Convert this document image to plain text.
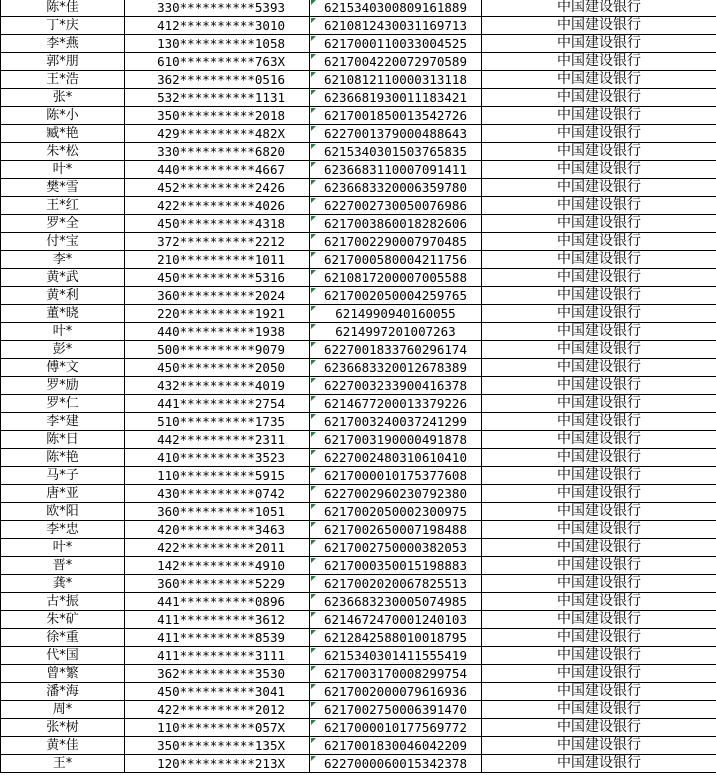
陈*佳	330**********5393	6215340300809161889	中国建设银行
丁*庆	412**********3010	6210812430031169713	中国建设银行
李*燕	130**********1058	6217000110033004525	中国建设银行
郭*朋	610**********763X	6217004220072970589	中国建设银行
王*浩	362**********0516	6210812110000313118	中国建设银行
张*	532**********1131	6236681930011183421	中国建设银行
陈*小	350**********2018	6217001850013542726	中国建设银行
臧*艳	429**********482X	6227001379000488643	中国建设银行
朱*松	330**********6820	6215340301503765835	中国建设银行
叶*	440**********4667	6236683110007091411	中国建设银行
樊*雪	452**********2426	6236683320006359780	中国建设银行
王*红	422**********4026	6227002730050076986	中国建设银行
罗*全	450**********4318	6217003860018282606	中国建设银行
付*宝	372**********2212	6217002290007970485	中国建设银行
李*	210**********1011	6217000580004211756	中国建设银行
黄*武	450**********5316	6210817200007005588	中国建设银行
黄*利	360**********2024	6217002050004259765	中国建设银行
董*晓	220**********1921	6214990940160055	中国建设银行
叶*	440**********1938	6214997201007263	中国建设银行
彭*	500**********9079	6227001833760296174	中国建设银行
傅*文	450**********2050	6236683320012678389	中国建设银行
罗*励	432**********4019	6227003233900416378	中国建设银行
罗*仁	441**********2754	6214677200013379226	中国建设银行
李*建	510**********1735	6217003240037241299	中国建设银行
陈*日	442**********2311	6217003190000491878	中国建设银行
陈*艳	410**********3523	6227002480310610410	中国建设银行
马*子	110**********5915	6217000010175377608	中国建设银行
唐*亚	430**********0742	6227002960230792380	中国建设银行
欧*阳	360**********1051	6217002050002300975	中国建设银行
李*忠	420**********3463	6217002650007198488	中国建设银行
叶*	422**********2011	6217002750000382053	中国建设银行
晋*	142**********4910	6217000350015198883	中国建设银行
龚*	360**********5229	6217002020067825513	中国建设银行
古*振	441**********0896	6236683230005074985	中国建设银行
朱*矿	411**********3612	6214672470001240103	中国建设银行
徐*重	411**********8539	6212842588010018795	中国建设银行
代*国	411**********3111	6215340301411555419	中国建设银行
曾*繁	362**********3530	6217003170008299754	中国建设银行
潘*海	450**********3041	6217002000079616936	中国建设银行
周*	422**********2012	6217002750006391470	中国建设银行
张*树	110**********057X	6217000010177569772	中国建设银行
黄*佳	350**********135X	6217001830046042209	中国建设银行
王*	120**********213X	6227000060015342378	中国建设银行
